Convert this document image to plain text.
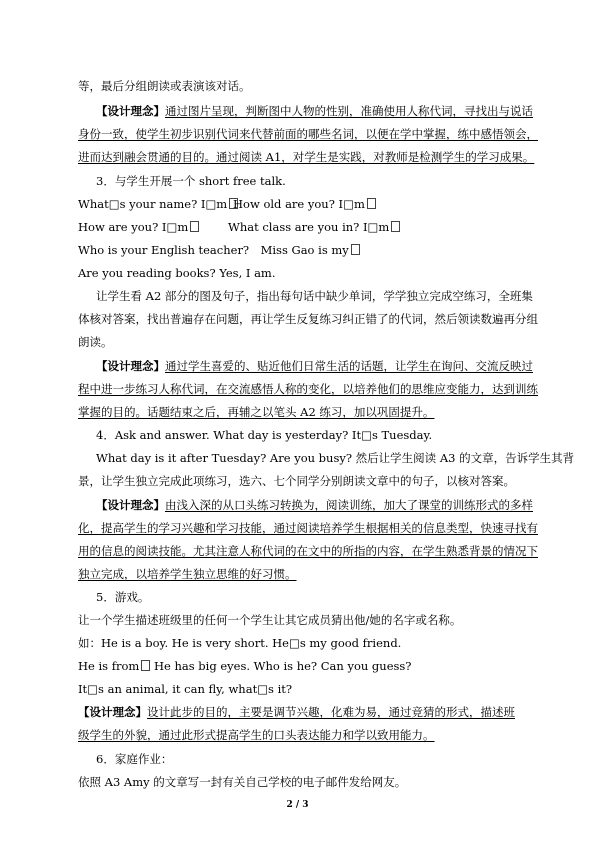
等，最后分组朗读或表演该对话。
【设计理念】通过图片呈现，判断图中人物的性别，准确使用人称代词，寻找出与说话
身份一致，使学生初步识别代词来代替前面的哪些名词，以便在学中掌握，练中感悟领会，
进而达到融会贯通的目的。通过阅读 A1，对学生是实践，对教师是检测学生的学习成果。
3．与学生开展一个 short free talk.
What□s your name? I□m How old are you? I□m
How are you? I□m	What class are you in? I□m
Who is your English teacher?　Miss Gao is my
Are you reading books? Yes, I am.
让学生看 A2 部分的图及句子，指出每句话中缺少单词，学学独立完成空练习，全班集
体核对答案，找出普遍存在问题，再让学生反复练习纠正错了的代词，然后领读数遍再分组
朗读。
【设计理念】通过学生喜爱的、贴近他们日常生活的话题，让学生在询问、交流反映过
程中进一步练习人称代词，在交流感悟人称的变化，以培养他们的思维应变能力，达到训练
掌握的目的。话题结束之后，再辅之以笔头 A2 练习，加以巩固提升。
4．Ask and answer. What day is yesterday? It□s Tuesday.
What day is it after Tuesday? Are you busy? 然后让学生阅读 A3 的文章，告诉学生其背
景，让学生独立完成此项练习，选六、七个同学分别朗读文章中的句子，以核对答案。
【设计理念】由浅入深的从口头练习转换为，阅读训练，加大了课堂的训练形式的多样
化，提高学生的学习兴趣和学习技能，通过阅读培养学生根据相关的信息类型，快速寻找有
用的信息的阅读技能。尤其注意人称代词的在文中的所指的内容，在学生熟悉背景的情况下
独立完成，以培养学生独立思维的好习惯。
5．游戏。
让一个学生描述班级里的任何一个学生让其它成员猜出他/她的名字或名称。
如：He is a boy. He is very short. He□s my good friend.
He is from He has big eyes. Who is he? Can you guess?
It□s an animal, it can fly, what□s it?
【设计理念】设计此步的目的，主要是调节兴趣，化难为易，通过竞猜的形式，描述班
级学生的外貌，通过此形式提高学生的口头表达能力和学以致用能力。
6．家庭作业：
依照 A3 Amy 的文章写一封有关自己学校的电子邮件发给网友。
2 / 3
